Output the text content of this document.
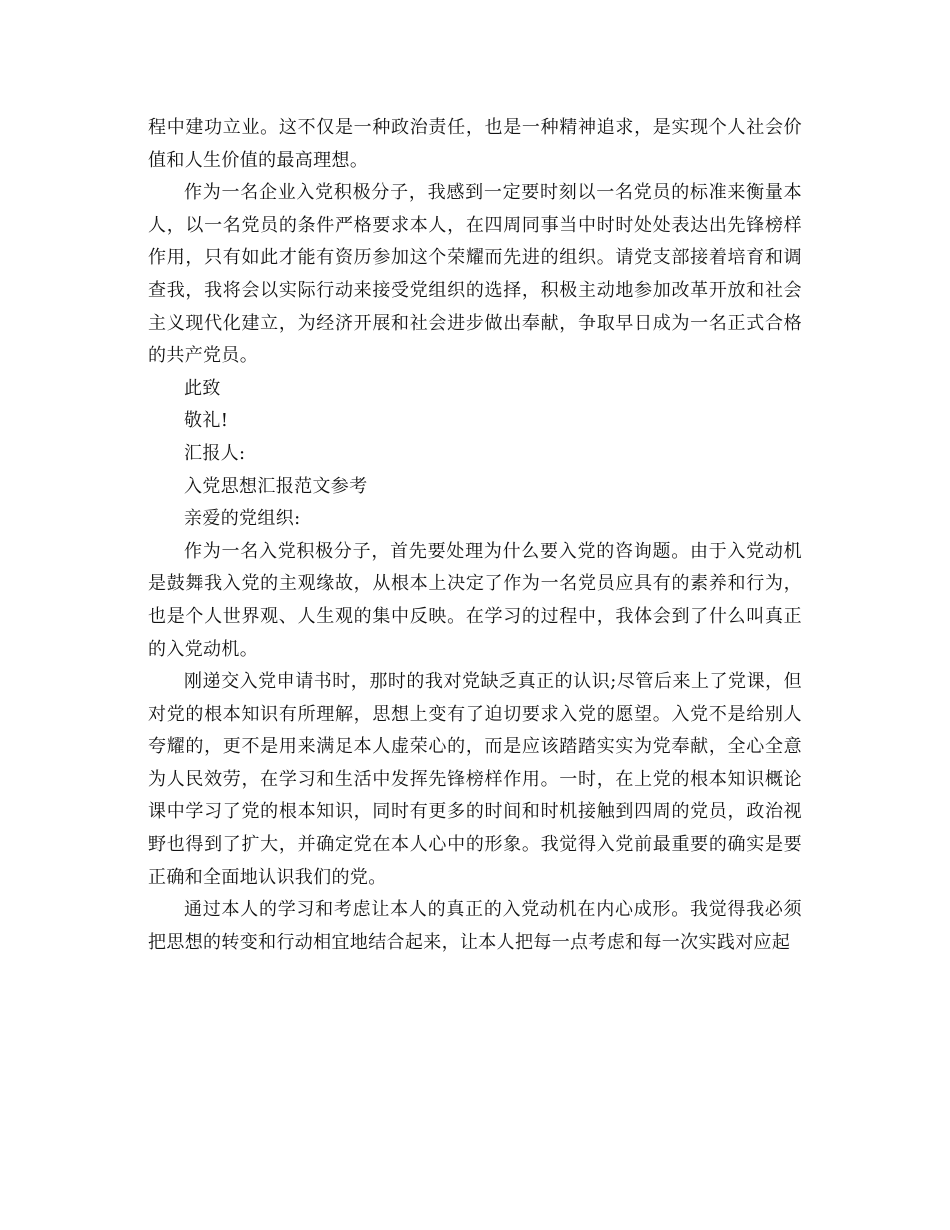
程中建功立业。这不仅是一种政治责任，也是一种精神追求，是实现个人社会价值和人生价值的最高理想。

作为一名企业入党积极分子，我感到一定要时刻以一名党员的标准来衡量本人，以一名党员的条件严格要求本人，在四周同事当中时时处处表达出先锋榜样作用，只有如此才能有资历参加这个荣耀而先进的组织。请党支部接着培育和调查我，我将会以实际行动来接受党组织的选择，积极主动地参加改革开放和社会主义现代化建立，为经济开展和社会进步做出奉献，争取早日成为一名正式合格的共产党员。

此致

敬礼!

汇报人:

入党思想汇报范文参考

亲爱的党组织:

作为一名入党积极分子，首先要处理为什么要入党的咨询题。由于入党动机是鼓舞我入党的主观缘故，从根本上决定了作为一名党员应具有的素养和行为，也是个人世界观、人生观的集中反映。在学习的过程中，我体会到了什么叫真正的入党动机。

刚递交入党申请书时，那时的我对党缺乏真正的认识;尽管后来上了党课，但对党的根本知识有所理解，思想上变有了迫切要求入党的愿望。入党不是给别人夸耀的，更不是用来满足本人虚荣心的，而是应该踏踏实实为党奉献，全心全意为人民效劳，在学习和生活中发挥先锋榜样作用。一时，在上党的根本知识概论课中学习了党的根本知识，同时有更多的时间和时机接触到四周的党员，政治视野也得到了扩大，并确定党在本人心中的形象。我觉得入党前最重要的确实是要正确和全面地认识我们的党。

通过本人的学习和考虑让本人的真正的入党动机在内心成形。我觉得我必须把思想的转变和行动相宜地结合起来，让本人把每一点考虑和每一次实践对应起
